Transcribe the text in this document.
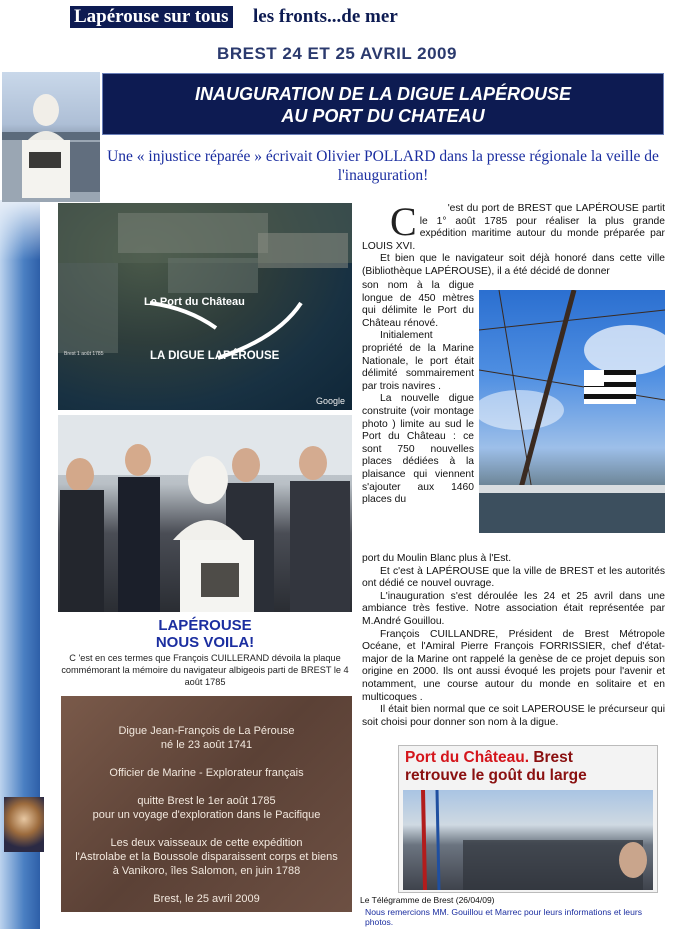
Lapérouse sur tous les fronts...de mer
BREST 24 ET 25 AVRIL 2009
INAUGURATION DE LA DIGUE LAPÉROUSE
AU PORT DU CHATEAU
Une « injustice réparée » écrivait Olivier POLLARD dans la presse régionale la veille de l'inauguration!
Le Port du Château
LA DIGUE LAPÉROUSE
Brest 1 août 1785
Google
LAPÉROUSE
NOUS VOILA!
C 'est en ces termes que François CUILLERAND dévoila la plaque commémorant la mémoire du navigateur albigeois parti de BREST le 4 août 1785
Digue Jean-François de La Pérouse
né le 23 août 1741
Officier de Marine - Explorateur français
quitte Brest le 1er août 1785
pour un voyage d'exploration dans le Pacifique
Les deux vaisseaux de cette expédition
l'Astrolabe et la Boussole disparaissent corps et biens
à Vanikoro, îles Salomon, en juin 1788
Brest, le 25 avril 2009

C	'est du port de BREST que LAPÉROUSE partit le 1° août 1785 pour réaliser la plus grande expédition maritime autour du monde préparée par LOUIS XVI.

Et bien que le navigateur soit déjà honoré dans cette ville (Bibliothèque LAPÉROUSE), il a été décidé de donner

son nom à la digue longue de 450 mètres qui délimite le Port du Château rénové.

Initialement propriété de la Marine Nationale, le port était délimité sommairement par trois navires .

La nouvelle digue construite (voir montage photo ) limite au sud le Port du Château : ce sont 750 nouvelles places dédiées à la plaisance qui viennent s'ajouter aux 1460 places du

port du Moulin Blanc plus à l'Est.

Et c'est à LAPÉROUSE que la ville de BREST et les autorités ont dédié ce nouvel ouvrage.

L'inauguration s'est déroulée les 24 et 25 avril dans une ambiance très festive. Notre association était représentée par M.André Gouillou.

François CUILLANDRE, Président de Brest Métropole Océane, et l'Amiral Pierre François FORRISSIER, chef d'état-major de la Marine ont rappelé la genèse de ce projet depuis son origine en 2000. Ils ont aussi évoqué les projets pour l'avenir et notamment, une course autour du monde en solitaire et en multicoques .

Il était bien normal que ce soit LAPEROUSE le précurseur qui soit choisi pour donner son nom à la digue.

Port du Château. Brest
retrouve le goût du large
Le Télégramme de Brest (26/04/09)
Nous remercions MM. Gouillou et Marrec pour leurs informations et leurs photos.
